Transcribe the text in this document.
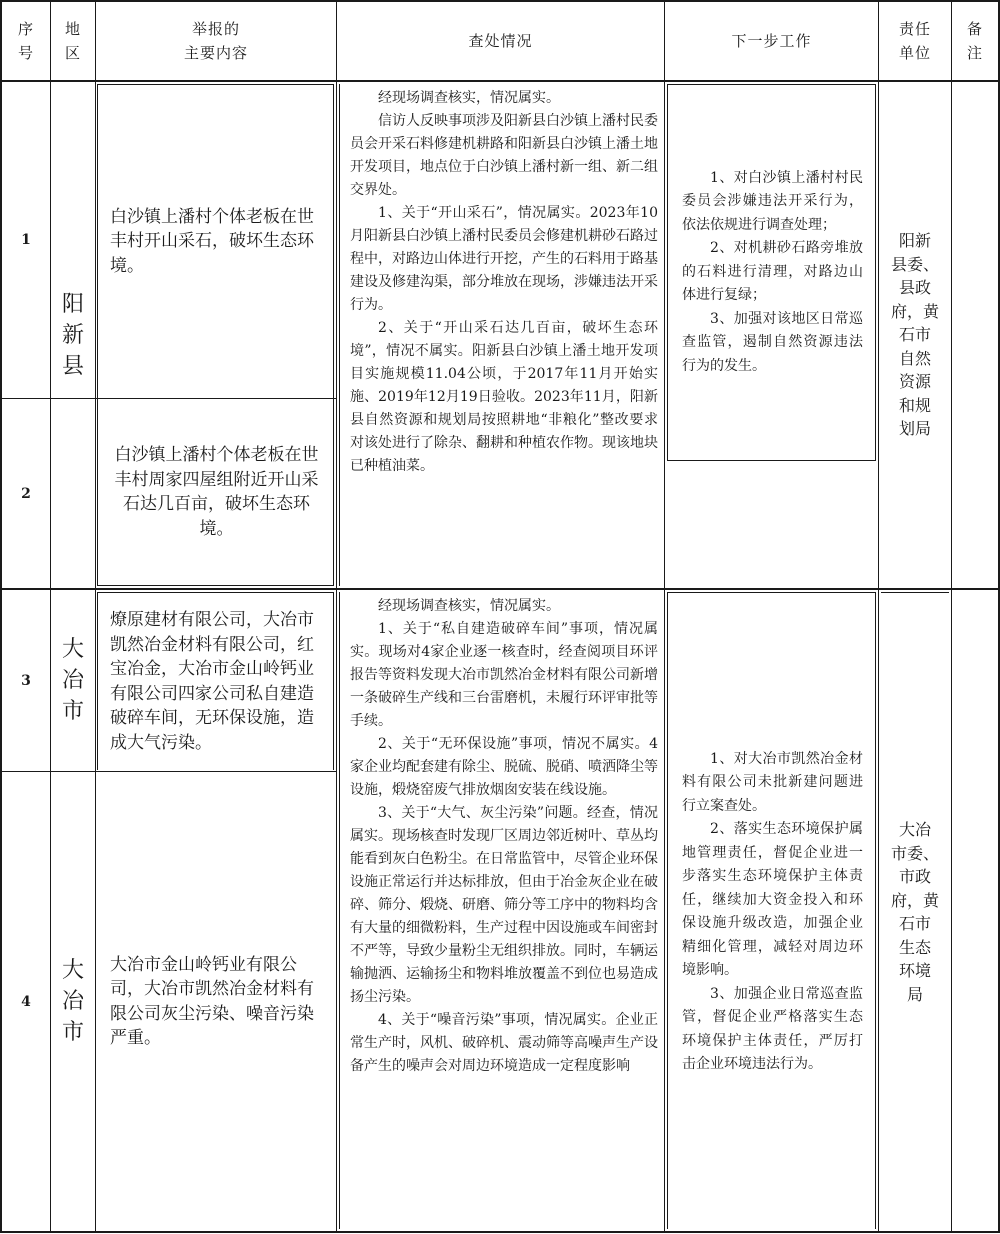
序
号
地
区
举报的
主要内容
查处情况	下一步工作
责任
单位
备
注
1
2
阳
新
县
白沙镇上潘村个体老板在世丰村开山采石，破坏生态环境。
白沙镇上潘村个体老板在世丰村周家四屋组附近开山采石达几百亩，破坏生态环境。

经现场调查核实，情况属实。

信访人反映事项涉及阳新县白沙镇上潘村民委员会开采石料修建机耕路和阳新县白沙镇上潘土地开发项目，地点位于白沙镇上潘村新一组、新二组交界处。

1、关于“开山采石”，情况属实。2023年10月阳新县白沙镇上潘村民委员会修建机耕砂石路过程中，对路边山体进行开挖，产生的石料用于路基建设及修建沟渠，部分堆放在现场，涉嫌违法开采行为。

2、关于“开山采石达几百亩，破坏生态环境”，情况不属实。阳新县白沙镇上潘土地开发项目实施规模11.04公顷，于2017年11月开始实施、2019年12月19日验收。2023年11月，阳新县自然资源和规划局按照耕地“非粮化”整改要求对该处进行了除杂、翻耕和种植农作物。现该地块已种植油菜。

1、对白沙镇上潘村村民委员会涉嫌违法开采行为，依法依规进行调查处理；

2、对机耕砂石路旁堆放的石料进行清理，对路边山体进行复绿；

3、加强对该地区日常巡查监管，遏制自然资源违法行为的发生。

阳新
县委、
县政
府，黄
石市
自然
资源
和规
划局
3
4
大
冶
市
大
冶
市
燎原建材有限公司，大冶市凯然冶金材料有限公司，红宝冶金，大冶市金山岭钙业有限公司四家公司私自建造破碎车间，无环保设施，造成大气污染。
大冶市金山岭钙业有限公司，大冶市凯然冶金材料有限公司灰尘污染、噪音污染严重。

经现场调查核实，情况属实。

1、关于“私自建造破碎车间”事项，情况属实。现场对4家企业逐一核查时，经查阅项目环评报告等资料发现大冶市凯然冶金材料有限公司新增一条破碎生产线和三台雷磨机，未履行环评审批等手续。

2、关于“无环保设施”事项，情况不属实。4家企业均配套建有除尘、脱硫、脱硝、喷洒降尘等设施，煅烧窑废气排放烟囱安装在线设施。

3、关于“大气、灰尘污染”问题。经查，情况属实。现场核查时发现厂区周边邻近树叶、草丛均能看到灰白色粉尘。在日常监管中，尽管企业环保设施正常运行并达标排放，但由于冶金灰企业在破碎、筛分、煅烧、研磨、筛分等工序中的物料均含有大量的细微粉料，生产过程中因设施或车间密封不严等，导致少量粉尘无组织排放。同时，车辆运输抛洒、运输扬尘和物料堆放覆盖不到位也易造成扬尘污染。

4、关于“噪音污染”事项，情况属实。企业正常生产时，风机、破碎机、震动筛等高噪声生产设备产生的噪声会对周边环境造成一定程度影响

1、对大冶市凯然冶金材料有限公司未批新建问题进行立案查处。

2、落实生态环境保护属地管理责任，督促企业进一步落实生态环境保护主体责任，继续加大资金投入和环保设施升级改造，加强企业精细化管理，减轻对周边环境影响。

3、加强企业日常巡查监管，督促企业严格落实生态环境保护主体责任，严厉打击企业环境违法行为。

大冶
市委、
市政
府，黄
石市
生态
环境
局
